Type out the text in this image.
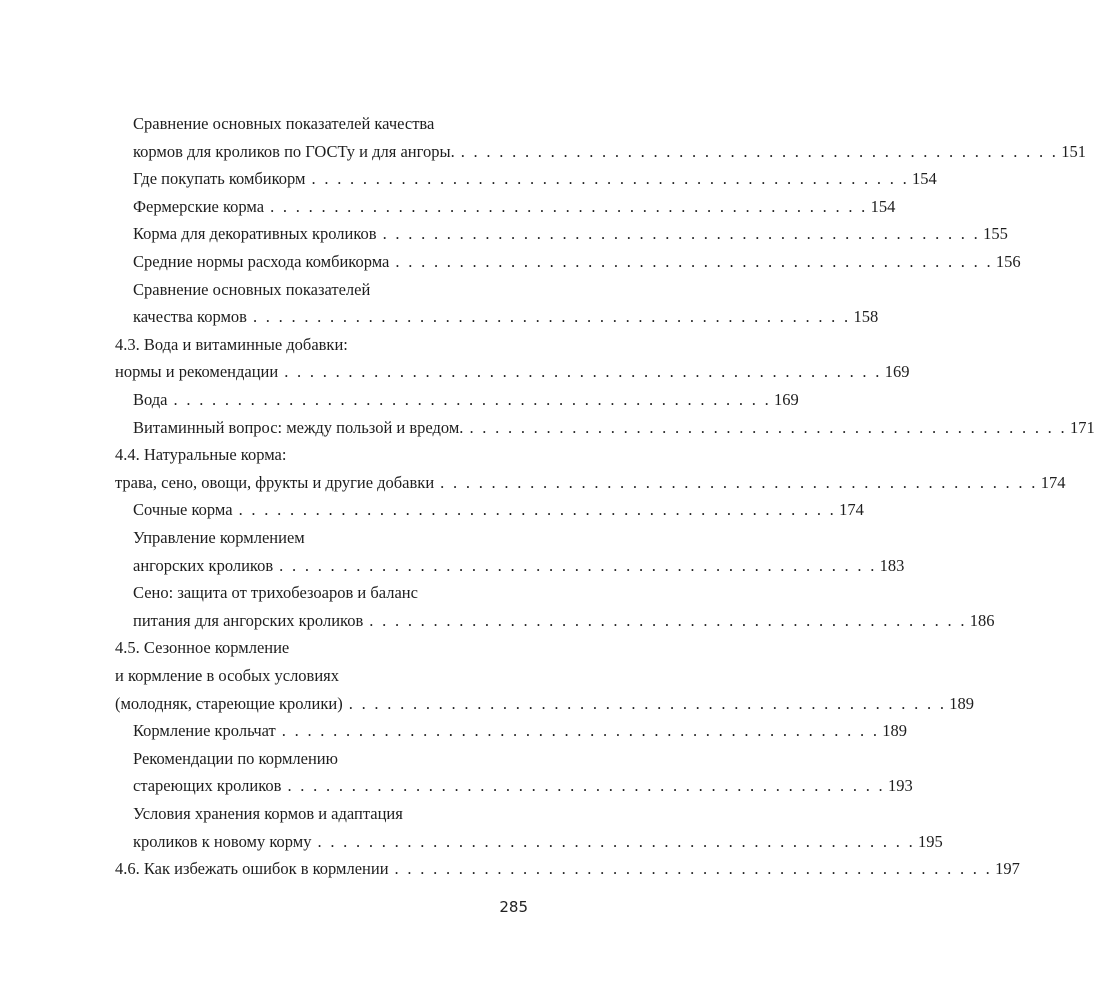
Сравнение основных показателей качества
кормов для кроликов по ГОСТу и для ангоры. . . . . . . . . . . . . . . . . . . . . . . . . . . . . . . . . . . . . . . . . . . . . . . . 151
Где покупать комбикорм . . . . . . . . . . . . . . . . . . . . . . . . . . . . . . . . . . . . . . . . . . . . . . . 154
Фермерские корма . . . . . . . . . . . . . . . . . . . . . . . . . . . . . . . . . . . . . . . . . . . . . . . 154
Корма для декоративных кроликов . . . . . . . . . . . . . . . . . . . . . . . . . . . . . . . . . . . . . . . . . . . . . . . 155
Средние нормы расхода комбикорма . . . . . . . . . . . . . . . . . . . . . . . . . . . . . . . . . . . . . . . . . . . . . . . 156
Сравнение основных показателей
качества кормов . . . . . . . . . . . . . . . . . . . . . . . . . . . . . . . . . . . . . . . . . . . . . . . 158
4.3. Вода и витаминные добавки:
нормы и рекомендации . . . . . . . . . . . . . . . . . . . . . . . . . . . . . . . . . . . . . . . . . . . . . . . 169
Вода . . . . . . . . . . . . . . . . . . . . . . . . . . . . . . . . . . . . . . . . . . . . . . . 169
Витаминный вопрос: между пользой и вредом. . . . . . . . . . . . . . . . . . . . . . . . . . . . . . . . . . . . . . . . . . . . . . . . 171
4.4. Натуральные корма:
трава, сено, овощи, фрукты и другие добавки . . . . . . . . . . . . . . . . . . . . . . . . . . . . . . . . . . . . . . . . . . . . . . . 174
Сочные корма . . . . . . . . . . . . . . . . . . . . . . . . . . . . . . . . . . . . . . . . . . . . . . . 174
Управление кормлением
ангорских кроликов . . . . . . . . . . . . . . . . . . . . . . . . . . . . . . . . . . . . . . . . . . . . . . . 183
Сено: защита от трихобезоаров и баланс
питания для ангорских кроликов . . . . . . . . . . . . . . . . . . . . . . . . . . . . . . . . . . . . . . . . . . . . . . . 186
4.5. Сезонное кормление
и кормление в особых условиях
(молодняк, стареющие кролики) . . . . . . . . . . . . . . . . . . . . . . . . . . . . . . . . . . . . . . . . . . . . . . . 189
Кормление крольчат . . . . . . . . . . . . . . . . . . . . . . . . . . . . . . . . . . . . . . . . . . . . . . . 189
Рекомендации по кормлению
стареющих кроликов . . . . . . . . . . . . . . . . . . . . . . . . . . . . . . . . . . . . . . . . . . . . . . . 193
Условия хранения кормов и адаптация
кроликов к новому корму . . . . . . . . . . . . . . . . . . . . . . . . . . . . . . . . . . . . . . . . . . . . . . . 195
4.6. Как избежать ошибок в кормлении . . . . . . . . . . . . . . . . . . . . . . . . . . . . . . . . . . . . . . . . . . . . . . . 197
285
